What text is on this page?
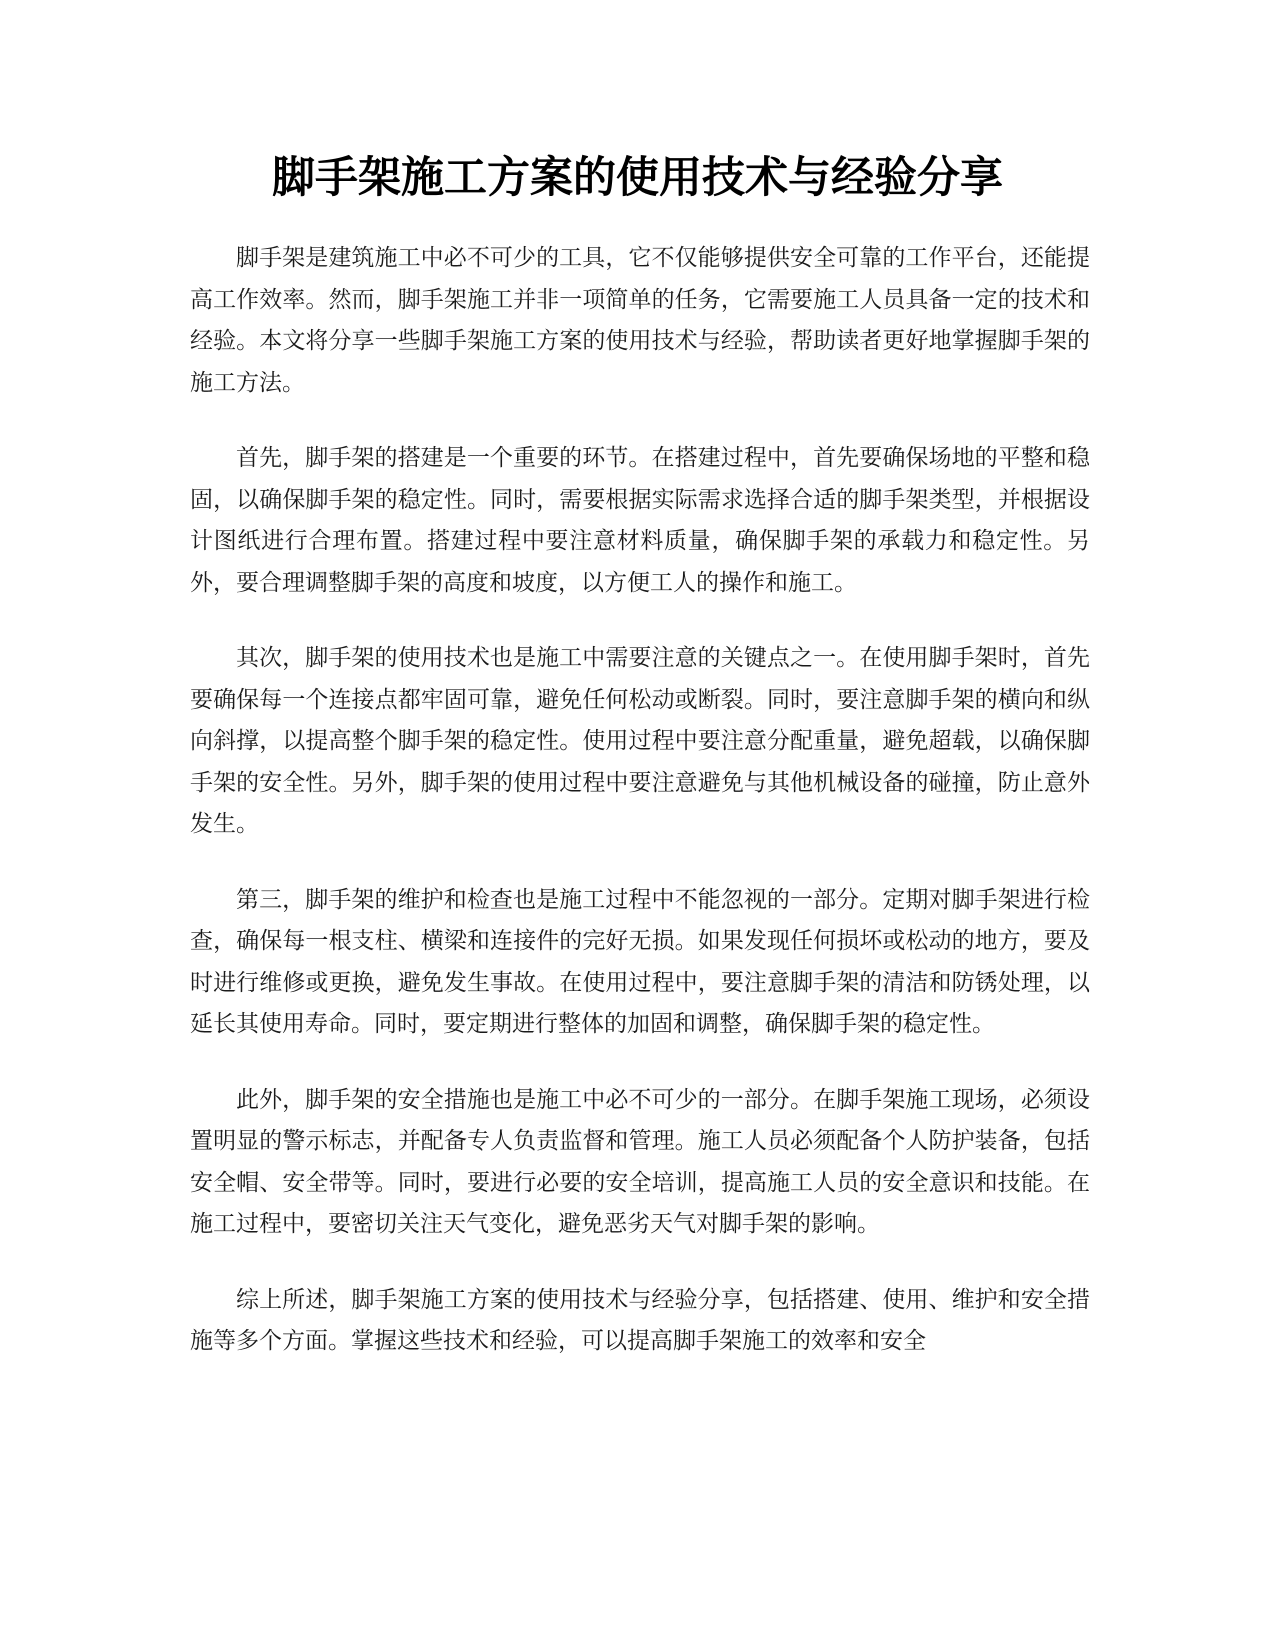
脚手架施工方案的使用技术与经验分享

脚手架是建筑施工中必不可少的工具，它不仅能够提供安全可靠的工作平台，还能提高工作效率。然而，脚手架施工并非一项简单的任务，它需要施工人员具备一定的技术和经验。本文将分享一些脚手架施工方案的使用技术与经验，帮助读者更好地掌握脚手架的施工方法。

首先，脚手架的搭建是一个重要的环节。在搭建过程中，首先要确保场地的平整和稳固，以确保脚手架的稳定性。同时，需要根据实际需求选择合适的脚手架类型，并根据设计图纸进行合理布置。搭建过程中要注意材料质量，确保脚手架的承载力和稳定性。另外，要合理调整脚手架的高度和坡度，以方便工人的操作和施工。

其次，脚手架的使用技术也是施工中需要注意的关键点之一。在使用脚手架时，首先要确保每一个连接点都牢固可靠，避免任何松动或断裂。同时，要注意脚手架的横向和纵向斜撑，以提高整个脚手架的稳定性。使用过程中要注意分配重量，避免超载，以确保脚手架的安全性。另外，脚手架的使用过程中要注意避免与其他机械设备的碰撞，防止意外发生。

第三，脚手架的维护和检查也是施工过程中不能忽视的一部分。定期对脚手架进行检查，确保每一根支柱、横梁和连接件的完好无损。如果发现任何损坏或松动的地方，要及时进行维修或更换，避免发生事故。在使用过程中，要注意脚手架的清洁和防锈处理，以延长其使用寿命。同时，要定期进行整体的加固和调整，确保脚手架的稳定性。

此外，脚手架的安全措施也是施工中必不可少的一部分。在脚手架施工现场，必须设置明显的警示标志，并配备专人负责监督和管理。施工人员必须配备个人防护装备，包括安全帽、安全带等。同时，要进行必要的安全培训，提高施工人员的安全意识和技能。在施工过程中，要密切关注天气变化，避免恶劣天气对脚手架的影响。

综上所述，脚手架施工方案的使用技术与经验分享，包括搭建、使用、维护和安全措施等多个方面。掌握这些技术和经验，可以提高脚手架施工的效率和安全
